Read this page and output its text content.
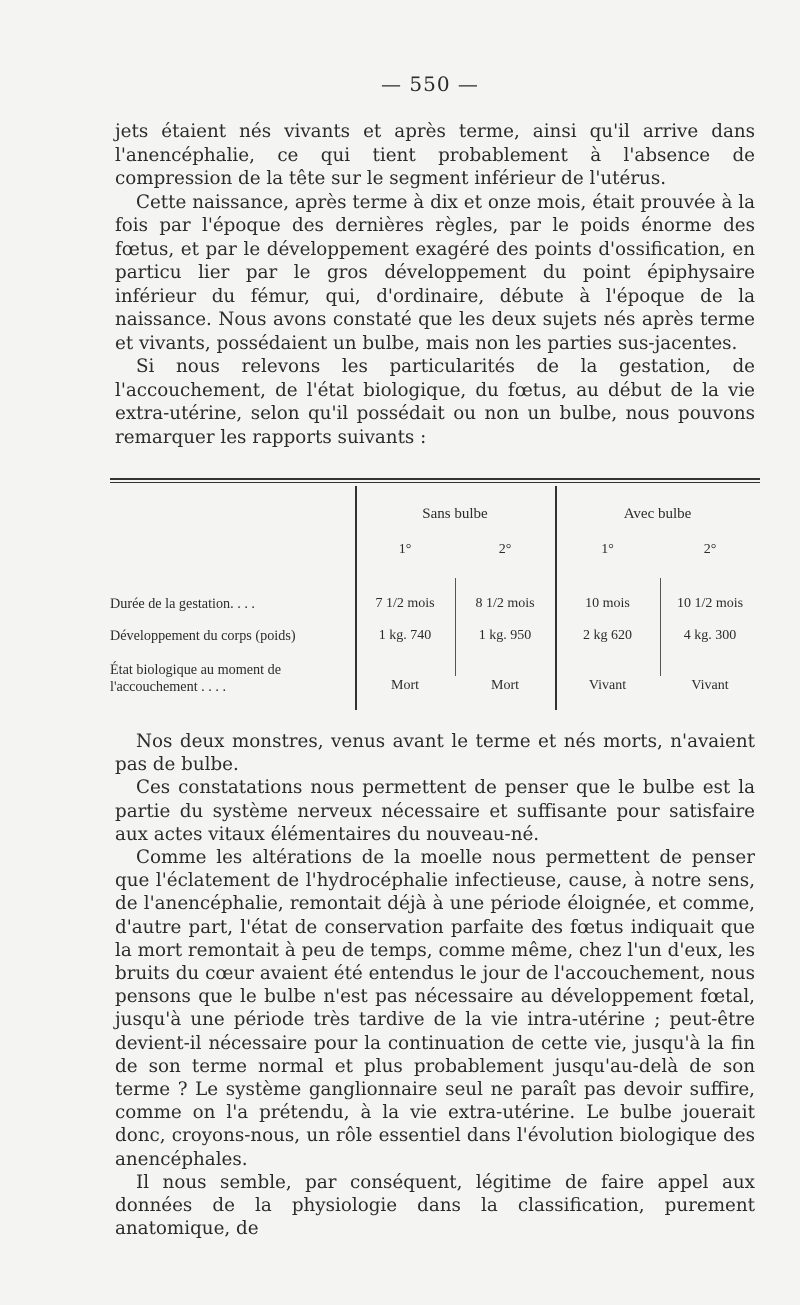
— 550 —

jets étaient nés vivants et après terme, ainsi qu'il arrive dans l'anencéphalie, ce qui tient probablement à l'absence de compression de la tête sur le segment inférieur de l'utérus.

Cette naissance, après terme à dix et onze mois, était prouvée à la fois par l'époque des dernières règles, par le poids énorme des fœtus, et par le développement exagéré des points d'ossification, en particu lier par le gros développement du point épiphysaire inférieur du fémur, qui, d'ordinaire, débute à l'époque de la naissance. Nous avons constaté que les deux sujets nés après terme et vivants, possédaient un bulbe, mais non les parties sus-jacentes.

Si nous relevons les particularités de la gestation, de l'accouchement, de l'état biologique, du fœtus, au début de la vie extra-utérine, selon qu'il possédait ou non un bulbe, nous pouvons remarquer les rapports suivants :

Sans bulbe	Avec bulbe
1°	2°	1°	2°
Durée de la gestation. . . .	7 1/2 mois	8 1/2 mois	10 mois	10 1/2 mois
Développement du corps (poids)	1 kg. 740	1 kg. 950	2 kg 620	4 kg. 300
État biologique au moment de l'accouchement . . . .	Mort	Mort	Vivant	Vivant

Nos deux monstres, venus avant le terme et nés morts, n'avaient pas de bulbe.

Ces constatations nous permettent de penser que le bulbe est la partie du système nerveux nécessaire et suffisante pour satisfaire aux actes vitaux élémentaires du nouveau-né.

Comme les altérations de la moelle nous permettent de penser que l'éclatement de l'hydrocéphalie infectieuse, cause, à notre sens, de l'anencéphalie, remontait déjà à une période éloignée, et comme, d'autre part, l'état de conservation parfaite des fœtus indiquait que la mort remontait à peu de temps, comme même, chez l'un d'eux, les bruits du cœur avaient été entendus le jour de l'accouchement, nous pensons que le bulbe n'est pas nécessaire au développement fœtal, jusqu'à une période très tardive de la vie intra-utérine ; peut-être devient-il nécessaire pour la continuation de cette vie, jusqu'à la fin de son terme normal et plus probablement jusqu'au-delà de son terme ? Le système ganglionnaire seul ne paraît pas devoir suffire, comme on l'a prétendu, à la vie extra-utérine. Le bulbe jouerait donc, croyons-nous, un rôle essentiel dans l'évolution biologique des anencéphales.

Il nous semble, par conséquent, légitime de faire appel aux données de la physiologie dans la classification, purement anatomique, de
